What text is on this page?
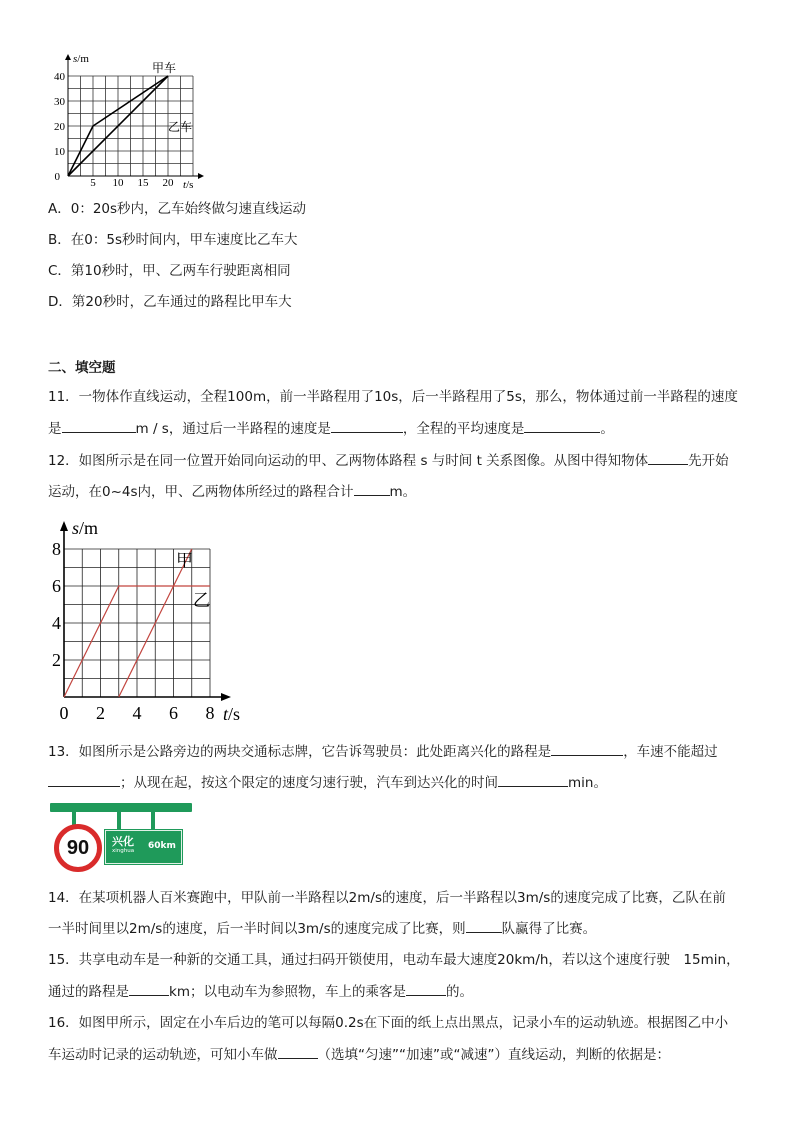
甲车
乙车
5 10 15 20
10
20
30
40
0
s/m
t/s
A．0：20s秒内，乙车始终做匀速直线运动
B．在0：5s秒时间内，甲车速度比乙车大
C．第10秒时，甲、乙两车行驶距离相同
D．第20秒时，乙车通过的路程比甲车大
二、填空题
11．一物体作直线运动，全程100m，前一半路程用了10s，后一半路程用了5s，那么，物体通过前一半路程的速度
是	m / s，通过后一半路程的速度是	，全程的平均速度是	。
12．如图所示是在同一位置开始同向运动的甲、乙两物体路程 s 与时间 t 关系图像。从图中得知物体	先开始
运动，在0~4s内，甲、乙两物体所经过的路程合计	m。
甲
乙
0 2 4 6 8
2
4
6
8
s/m
t/s
13．如图所示是公路旁边的两块交通标志牌，它告诉驾驶员：此处距离兴化的路程是	，车速不能超过
；从现在起，按这个限定的速度匀速行驶，汽车到达兴化的时间	min。
90 兴化
xinghua 60km
14．在某项机器人百米赛跑中，甲队前一半路程以2m/s的速度，后一半路程以3m/s的速度完成了比赛，乙队在前
一半时间里以2m/s的速度，后一半时间以3m/s的速度完成了比赛，则	队赢得了比赛。
15．共享电动车是一种新的交通工具，通过扫码开锁使用，电动车最大速度20km/h，若以这个速度行驶　15min，
通过的路程是	km；以电动车为参照物，车上的乘客是	的。
16．如图甲所示，固定在小车后边的笔可以每隔0.2s在下面的纸上点出黑点，记录小车的运动轨迹。根据图乙中小
车运动时记录的运动轨迹，可知小车做	（选填“匀速”“加速”或“减速”）直线运动，判断的依据是：
